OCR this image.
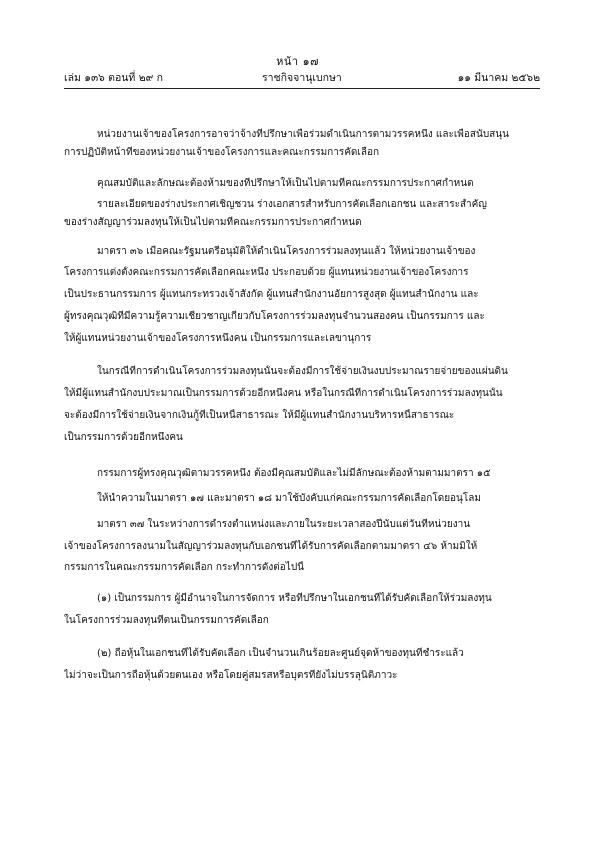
หน้า ๑๗
เล่ม ๑๓๖ ตอนที่ ๒๙ ก	ราชกิจจานุเบกษา	๑๑ มีนาคม ๒๕๖๒
หน่วยงานเจ้าของโครงการอาจว่าจ้างที่ปรึกษาเพื่อร่วมดำเนินการตามวรรคหนึ่ง และเพื่อสนับสนุน
การปฏิบัติหน้าที่ของหน่วยงานเจ้าของโครงการและคณะกรรมการคัดเลือก
คุณสมบัติและลักษณะต้องห้ามของที่ปรึกษาให้เป็นไปตามที่คณะกรรมการประกาศกำหนด
รายละเอียดของร่างประกาศเชิญชวน ร่างเอกสารสำหรับการคัดเลือกเอกชน และสาระสำคัญ
ของร่างสัญญาร่วมลงทุนให้เป็นไปตามที่คณะกรรมการประกาศกำหนด
มาตรา ๓๖ เมื่อคณะรัฐมนตรีอนุมัติให้ดำเนินโครงการร่วมลงทุนแล้ว ให้หน่วยงานเจ้าของ
โครงการแต่งตั้งคณะกรรมการคัดเลือกคณะหนึ่ง ประกอบด้วย ผู้แทนหน่วยงานเจ้าของโครงการ
เป็นประธานกรรมการ ผู้แทนกระทรวงเจ้าสังกัด ผู้แทนสำนักงานอัยการสูงสุด ผู้แทนสำนักงาน และ
ผู้ทรงคุณวุฒิที่มีความรู้ความเชี่ยวชาญเกี่ยวกับโครงการร่วมลงทุนจำนวนสองคน เป็นกรรมการ และ
ให้ผู้แทนหน่วยงานเจ้าของโครงการหนึ่งคน เป็นกรรมการและเลขานุการ
ในกรณีที่การดำเนินโครงการร่วมลงทุนนั้นจะต้องมีการใช้จ่ายเงินงบประมาณรายจ่ายของแผ่นดิน
ให้มีผู้แทนสำนักงบประมาณเป็นกรรมการด้วยอีกหนึ่งคน หรือในกรณีที่การดำเนินโครงการร่วมลงทุนนั้น
จะต้องมีการใช้จ่ายเงินจากเงินกู้ที่เป็นหนี้สาธารณะ ให้มีผู้แทนสำนักงานบริหารหนี้สาธารณะ
เป็นกรรมการด้วยอีกหนึ่งคน
กรรมการผู้ทรงคุณวุฒิตามวรรคหนึ่ง ต้องมีคุณสมบัติและไม่มีลักษณะต้องห้ามตามมาตรา ๑๕
ให้นำความในมาตรา ๑๗ และมาตรา ๑๘ มาใช้บังคับแก่คณะกรรมการคัดเลือกโดยอนุโลม
มาตรา ๓๗ ในระหว่างการดำรงตำแหน่งและภายในระยะเวลาสองปีนับแต่วันที่หน่วยงาน
เจ้าของโครงการลงนามในสัญญาร่วมลงทุนกับเอกชนที่ได้รับการคัดเลือกตามมาตรา ๔๖ ห้ามมิให้
กรรมการในคณะกรรมการคัดเลือก กระทำการดังต่อไปนี้
(๑) เป็นกรรมการ ผู้มีอำนาจในการจัดการ หรือที่ปรึกษาในเอกชนที่ได้รับคัดเลือกให้ร่วมลงทุน
ในโครงการร่วมลงทุนที่ตนเป็นกรรมการคัดเลือก
(๒) ถือหุ้นในเอกชนที่ได้รับคัดเลือก เป็นจำนวนเกินร้อยละศูนย์จุดห้าของทุนที่ชำระแล้ว
ไม่ว่าจะเป็นการถือหุ้นด้วยตนเอง หรือโดยคู่สมรสหรือบุตรที่ยังไม่บรรลุนิติภาวะ
